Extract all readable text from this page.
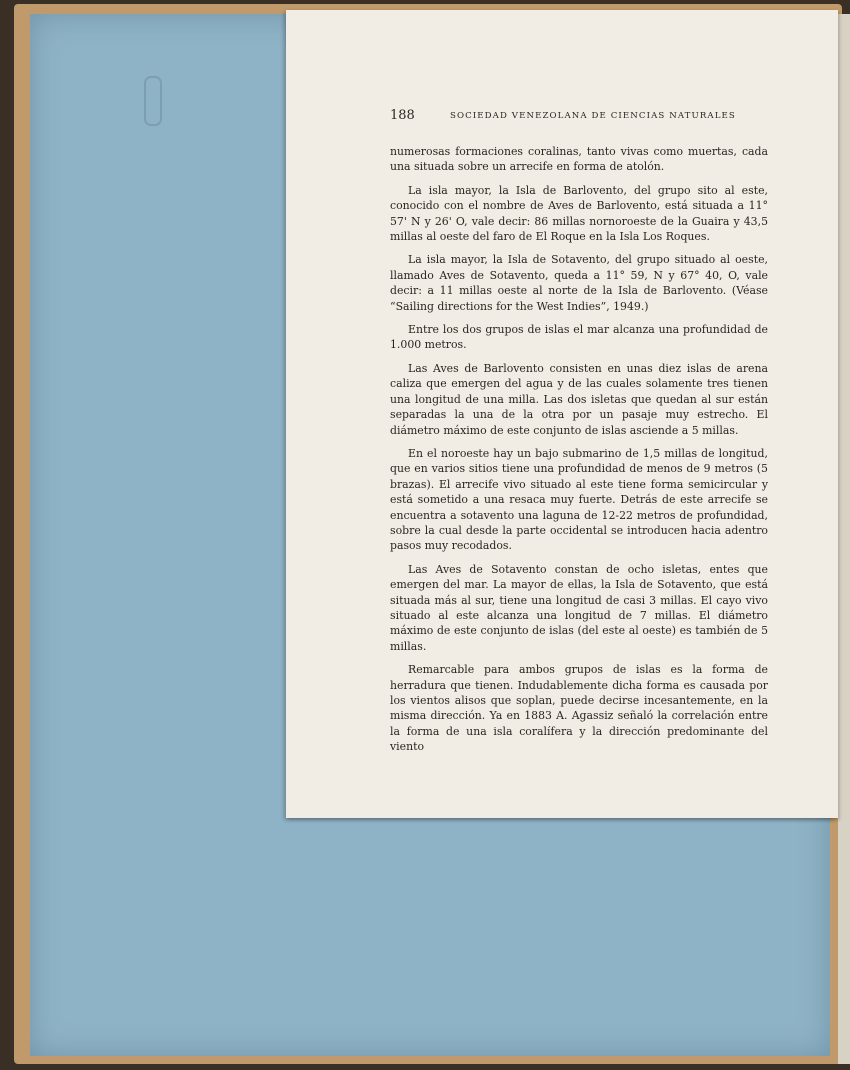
188	SOCIEDAD VENEZOLANA DE CIENCIAS NATURALES

numerosas formaciones coralinas, tanto vivas como muertas, cada una situada sobre un arrecife en forma de atolón.

La isla mayor, la Isla de Barlovento, del grupo sito al este, conocido con el nombre de Aves de Barlovento, está situada a 11° 57' N y 26' O, vale decir: 86 millas nornoroeste de la Guaira y 43,5 millas al oeste del faro de El Roque en la Isla Los Roques.

La isla mayor, la Isla de Sotavento, del grupo situado al oeste, llamado Aves de Sotavento, queda a 11° 59, N y 67° 40, O, vale decir: a 11 millas oeste al norte de la Isla de Barlovento. (Véase “Sailing directions for the West Indies”, 1949.)

Entre los dos grupos de islas el mar alcanza una profundidad de 1.000 metros.

Las Aves de Barlovento consisten en unas diez islas de arena caliza que emergen del agua y de las cuales solamente tres tienen una longitud de una milla. Las dos isletas que quedan al sur están separadas la una de la otra por un pasaje muy estrecho. El diámetro máximo de este conjunto de islas asciende a 5 millas.

En el noroeste hay un bajo submarino de 1,5 millas de longitud, que en varios sitios tiene una profundidad de menos de 9 metros (5 brazas). El arrecife vivo situado al este tiene forma semicircular y está sometido a una resaca muy fuerte. Detrás de este arrecife se encuentra a sotavento una laguna de 12-22 metros de profundidad, sobre la cual desde la parte occidental se introducen hacia adentro pasos muy recodados.

Las Aves de Sotavento constan de ocho isletas, entes que emergen del mar. La mayor de ellas, la Isla de Sotavento, que está situada más al sur, tiene una longitud de casi 3 millas. El cayo vivo situado al este alcanza una longitud de 7 millas. El diámetro máximo de este conjunto de islas (del este al oeste) es también de 5 millas.

Remarcable para ambos grupos de islas es la forma de herradura que tienen. Indudablemente dicha forma es causada por los vientos alisos que soplan, puede decirse incesantemente, en la misma dirección. Ya en 1883 A. Agassiz señaló la correlación entre la forma de una isla coralífera y la dirección predominante del viento
